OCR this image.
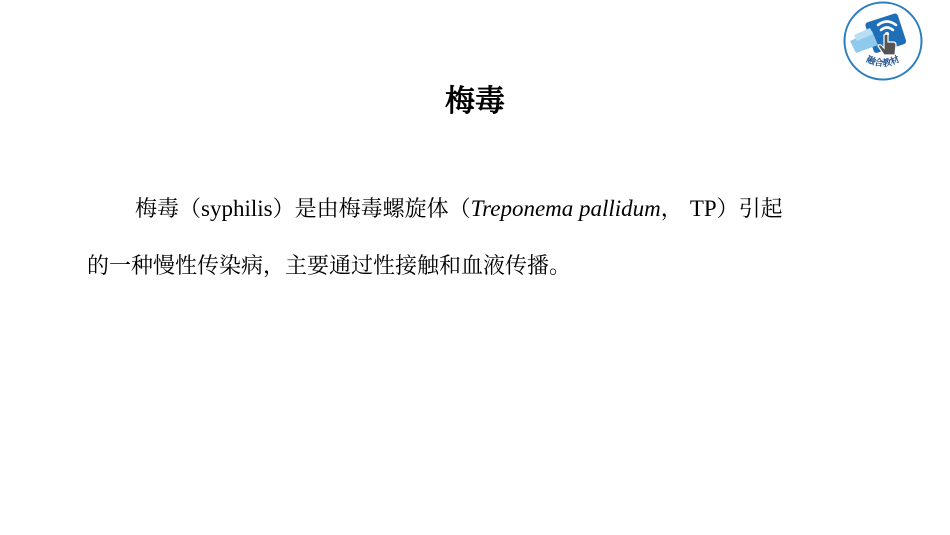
融合教材
梅毒
梅毒（syphilis）是由梅毒螺旋体（Treponema pallidum， TP）引起
的一种慢性传染病，主要通过性接触和血液传播。
